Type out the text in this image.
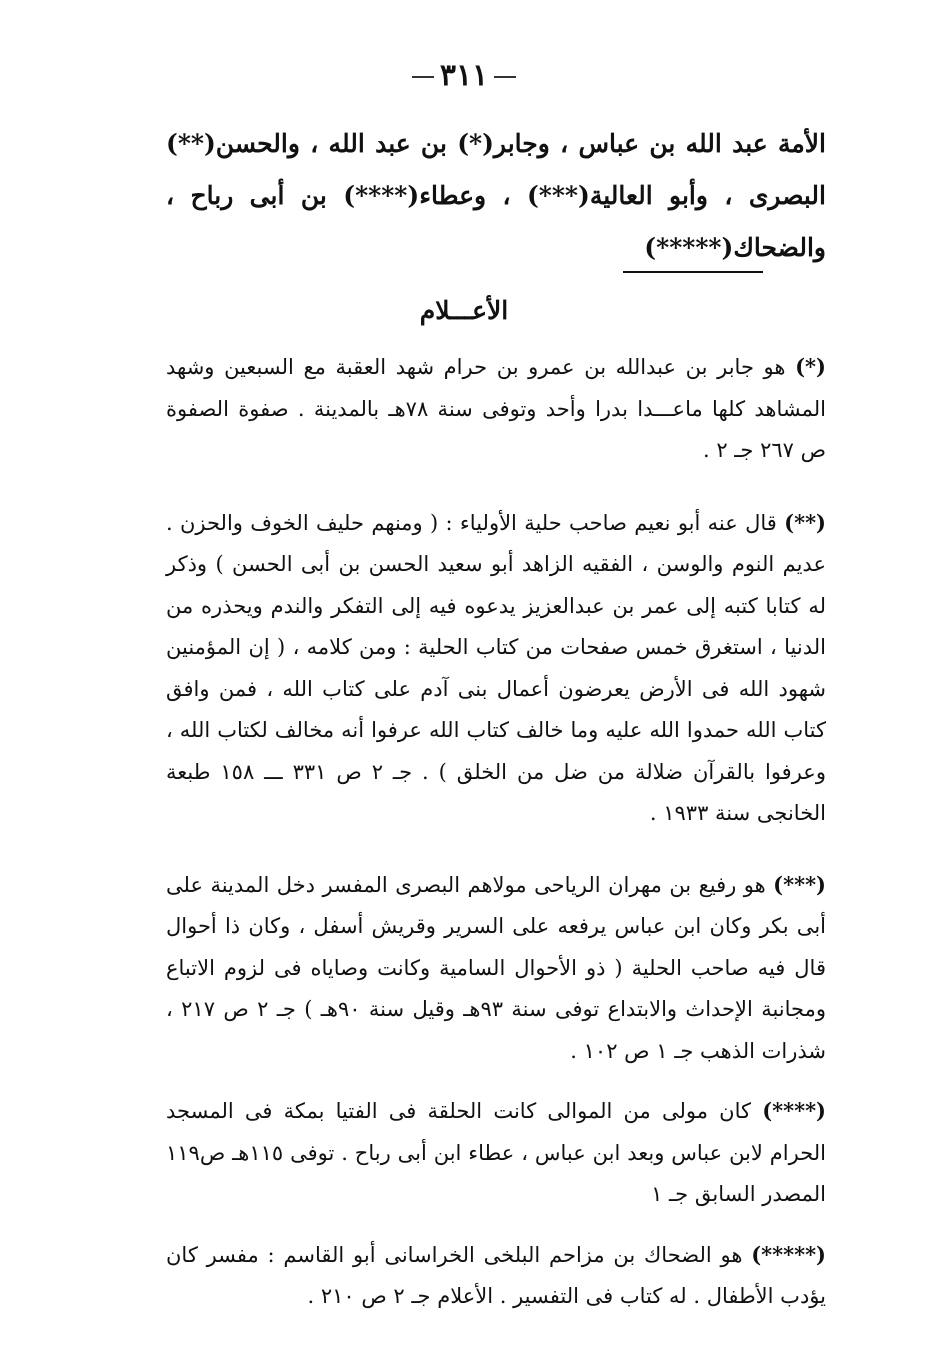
٣١١
الأمة عبد الله بن عباس ، وجابر(*) بن عبد الله ، والحسن(**) البصرى ، وأبو العالية(***) ، وعطاء(****) بن أبى رباح ، والضحاك(*****)
الأعـــلام

(*) هو جابر بن عبدالله بن عمرو بن حرام شهد العقبة مع السبعين وشهد المشاهد كلها ماعـــدا بدرا وأحد وتوفى سنة ٧٨هـ بالمدينة . صفوة الصفوة ص ٢٦٧ جـ ٢ .

(**) قال عنه أبو نعيم صاحب حلية الأولياء : ( ومنهم حليف الخوف والحزن . عديم النوم والوسن ، الفقيه الزاهد أبو سعيد الحسن بن أبى الحسن ) وذكر له كتابا كتبه إلى عمر بن عبدالعزيز يدعوه فيه إلى التفكر والندم ويحذره من الدنيا ، استغرق خمس صفحات من كتاب الحلية : ومن كلامه ، ( إن المؤمنين شهود الله فى الأرض يعرضون أعمال بنى آدم على كتاب الله ، فمن وافق كتاب الله حمدوا الله عليه وما خالف كتاب الله عرفوا أنه مخالف لكتاب الله ، وعرفوا بالقرآن ضلالة من ضل من الخلق ) . جـ ٢ ص ٣٣١ ـــ ١٥٨ طبعة الخانجى سنة ١٩٣٣ .

(***) هو رفيع بن مهران الرياحى مولاهم البصرى المفسر دخل المدينة على أبى بكر وكان ابن عباس يرفعه على السرير وقريش أسفل ، وكان ذا أحوال قال فيه صاحب الحلية ( ذو الأحوال السامية وكانت وصاياه فى لزوم الاتباع ومجانبة الإحداث والابتداع توفى سنة ٩٣هـ وقيل سنة ٩٠هـ ) جـ ٢ ص ٢١٧ ، شذرات الذهب جـ ١ ص ١٠٢ .

(****) كان مولى من الموالى كانت الحلقة فى الفتيا بمكة فى المسجد الحرام لابن عباس وبعد ابن عباس ، عطاء ابن أبى رباح . توفى ١١٥هـ ص١١٩ المصدر السابق جـ ١

(*****) هو الضحاك بن مزاحم البلخى الخراسانى أبو القاسم : مفسر كان يؤدب الأطفال . له كتاب فى التفسير . الأعلام جـ ٢ ص ٢١٠ .
